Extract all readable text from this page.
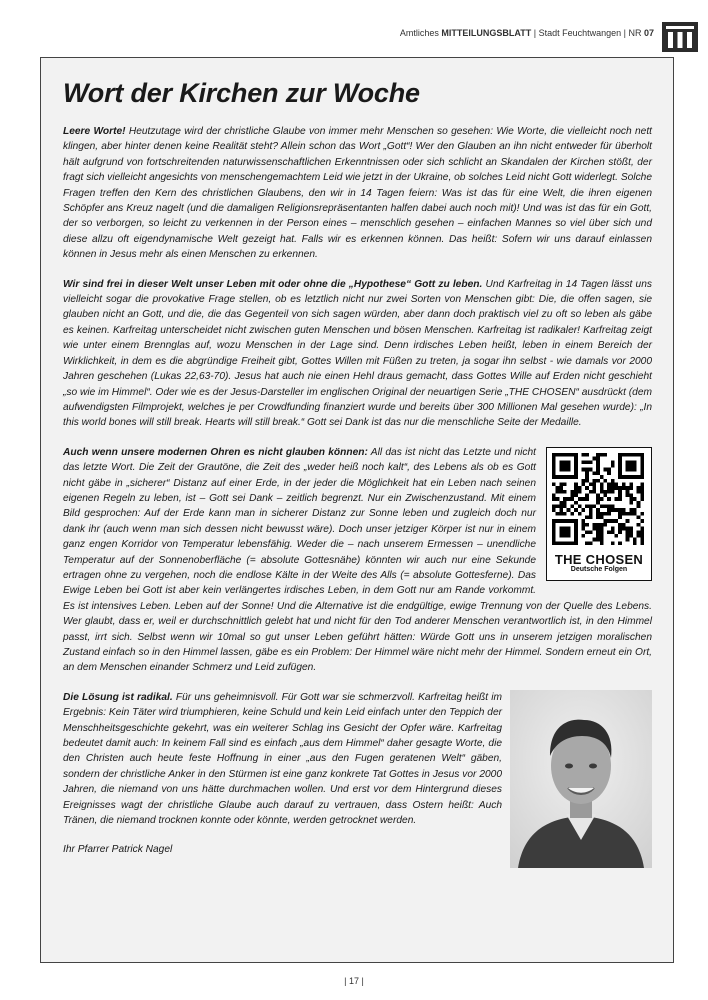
Amtliches MITTEILUNGSBLATT | Stadt Feuchtwangen | NR 07
Wort der Kirchen zur Woche

Leere Worte! Heutzutage wird der christliche Glaube von immer mehr Menschen so gesehen: Wie Worte, die vielleicht noch nett klingen, aber hinter denen keine Realität steht? Allein schon das Wort „Gott“! Wer den Glauben an ihn nicht entweder für überholt hält aufgrund von fortschreitenden naturwissenschaftlichen Erkenntnissen oder sich schlicht an Skandalen der Kirchen stößt, der fragt sich vielleicht angesichts von menschengemachtem Leid wie jetzt in der Ukraine, ob solches Leid nicht Gott widerlegt. Solche Fragen treffen den Kern des christlichen Glaubens, den wir in 14 Tagen feiern: Was ist das für eine Welt, die ihren eigenen Schöpfer ans Kreuz nagelt (und die damaligen Religionsrepräsentanten halfen dabei auch noch mit)! Und was ist das für ein Gott, der so verborgen, so leicht zu verkennen in der Person eines – menschlich gesehen – einfachen Mannes so viel über sich und diese allzu oft eigendynamische Welt gezeigt hat. Falls wir es erkennen können. Das heißt: Sofern wir uns darauf einlassen können in Jesus mehr als einen Menschen zu erkennen.

Wir sind frei in dieser Welt unser Leben mit oder ohne die „Hypothese“ Gott zu leben. Und Karfreitag in 14 Tagen lässt uns vielleicht sogar die provokative Frage stellen, ob es letztlich nicht nur zwei Sorten von Menschen gibt: Die, die offen sagen, sie glauben nicht an Gott, und die, die das Gegenteil von sich sagen würden, aber dann doch praktisch viel zu oft so leben als gäbe es keinen. Karfreitag unterscheidet nicht zwischen guten Menschen und bösen Menschen. Karfreitag ist radikaler! Karfreitag zeigt wie unter einem Brennglas auf, wozu Menschen in der Lage sind. Denn irdisches Leben heißt, leben in einem Bereich der Wirklichkeit, in dem es die abgründige Freiheit gibt, Gottes Willen mit Füßen zu treten, ja sogar ihn selbst - wie damals vor 2000 Jahren geschehen (Lukas 22,63-70). Jesus hat auch nie einen Hehl draus gemacht, dass Gottes Wille auf Erden nicht geschieht „so wie im Himmel“. Oder wie es der Jesus-Darsteller im englischen Original der neuartigen Serie „THE CHOSEN“ ausdrückt (dem aufwendigsten Filmprojekt, welches je per Crowdfunding finanziert wurde und bereits über 300 Millionen Mal gesehen wurde): „In this world bones will still break. Hearts will still break.“ Gott sei Dank ist das nur die menschliche Seite der Medaille.

THE CHOSEN
Deutsche Folgen
Auch wenn unsere modernen Ohren es nicht glauben können: All das ist nicht das Letzte und nicht das letzte Wort. Die Zeit der Grautöne, die Zeit des „weder heiß noch kalt“, des Lebens als ob es Gott nicht gäbe in „sicherer“ Distanz auf einer Erde, in der jeder die Möglichkeit hat ein Leben nach seinen eigenen Regeln zu leben, ist – Gott sei Dank – zeitlich begrenzt. Nur ein Zwischenzustand. Mit einem Bild gesprochen: Auf der Erde kann man in sicherer Distanz zur Sonne leben und zugleich doch nur dank ihr (auch wenn man sich dessen nicht bewusst wäre). Doch unser jetziger Körper ist nur in einem ganz engen Korridor von Temperatur lebensfähig. Weder die – nach unserem Ermessen – unendliche Temperatur auf der Sonnenoberfläche (= absolute Gottesnähe) könnten wir auch nur eine Sekunde ertragen ohne zu vergehen, noch die endlose Kälte in der Weite des Alls (= absolute Gottesferne). Das Ewige Leben bei Gott ist aber kein verlängertes irdisches Leben, in dem Gott nur am Rande vorkommt. Es ist intensives Leben. Leben auf der Sonne! Und die Alternative ist die endgültige, ewige Trennung von der Quelle des Lebens. Wer glaubt, dass er, weil er durchschnittlich gelebt hat und nicht für den Tod anderer Menschen verantwortlich ist, in den Himmel passt, irrt sich. Selbst wenn wir 10mal so gut unser Leben geführt hätten: Würde Gott uns in unserem jetzigen moralischen Zustand einfach so in den Himmel lassen, gäbe es ein Problem: Der Himmel wäre nicht mehr der Himmel. Sondern erneut ein Ort, an dem Menschen einander Schmerz und Leid zufügen.

Die Lösung ist radikal. Für uns geheimnisvoll. Für Gott war sie schmerzvoll. Karfreitag heißt im Ergebnis: Kein Täter wird triumphieren, keine Schuld und kein Leid einfach unter den Teppich der Menschheitsgeschichte gekehrt, was ein weiterer Schlag ins Gesicht der Opfer wäre. Karfreitag bedeutet damit auch: In keinem Fall sind es einfach „aus dem Himmel“ daher gesagte Worte, die den Christen auch heute feste Hoffnung in einer „aus den Fugen geratenen Welt“ gäben, sondern der christliche Anker in den Stürmen ist eine ganz konkrete Tat Gottes in Jesus vor 2000 Jahren, die niemand von uns hätte durchmachen wollen. Und erst vor dem Hintergrund dieses Ereignisses wagt der christliche Glaube auch darauf zu vertrauen, dass Ostern heißt: Auch Tränen, die niemand trocknen konnte oder könnte, werden getrocknet werden.

Ihr Pfarrer Patrick Nagel

| 17 |
